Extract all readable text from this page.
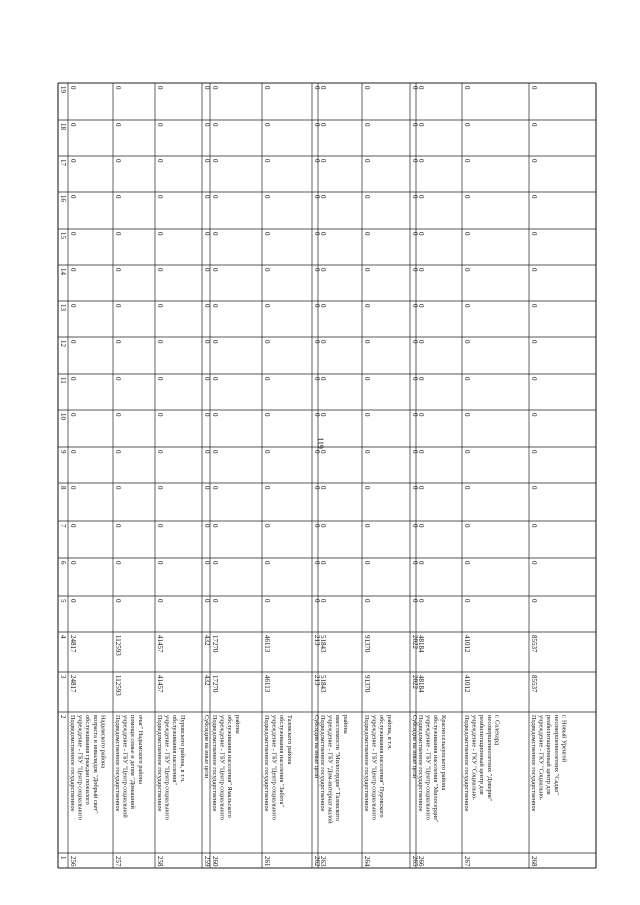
1
2
3
4
5
6
7
8
9
10
11
12
13
14
15
16
17
18
19
256
Подведомственное государственное учреждение - ГБУ "Центр социального обслуживания граждан пожилого возраста и инвалидов "Добрый свет" Надымского района
24817
24817
0
0
0
0
0
0
0
0
0
0
0
0
0
0
0
257
Подведомственное государственное учреждение - ГБУ "Центр социальной помощи семье и детям "Домашний очаг" Надымского района
112593
112593
0
0
0
0
0
0
0
0
0
0
0
0
0
0
0
258
Подведомственное государственное учреждение - ГБУ "Центр социального обслуживания населения" Пуровского района, в т.ч.
41457
41457
0
0
0
0
0
0
0
0
0
0
0
0
0
0
0
259
Субсидия на иные цели
432
432
0
0
0
0
0
0
0
0
0
0
0
0
0
0
0
260
Подведомственное государственное учреждение - ГБУ "Центр социального обслуживания населения" Ямальского района
17270
17270
0
0
0
0
0
0
0
0
0
0
0
0
0
0
0
261
Подведомственное государственное учреждение - ГБУ "Центр социального обслуживания населения "Забота" Тазовского района
46113
46113
0
0
0
0
0
0
0
0
0
0
0
0
0
0
0
262
Субсидия на иные цели
213
213
0
0
0
0
0
0
0
0
0
0
0
0
0
0
0
263
Подведомственное государственное учреждение - ГБУ "Дом-интернат малой вместимости "Милосердие" Тазовского района
51843
51843
0
0
0
0
0
0
0
0
0
0
0
0
0
0
0
264
Подведомственное государственное учреждение - ГБУ "Центр социального обслуживания населения" Пуровского района, в т.ч.
91370
91370
0
0
0
0
0
0
0
0
0
0
0
0
0
0
0
265
Субсидия на иные цели
2022
2022
0
0
0
0
0
0
0
0
0
0
0
0
0
0
0
266
Подведомственное государственное учреждение - ГБУ "Центр социального обслуживания населения "Милосердие" Красноселькупского района
48184
48184
0
0
0
0
0
0
0
0
0
0
0
0
0
0
0
267
Подведомственное государственное учреждение - ГКУ "Социально- реабилитационный центр для несовершеннолетних "Доверие" г. Салехард
41012
41012
0
0
0
0
0
0
0
0
0
0
0
0
0
0
0
268
Подведомственное государственное учреждение - ГКУ "Социально- реабилитационный центр для несовершеннолетних "Садко" г. Новый Уренгой
85537
85537
0
0
0
0
0
0
0
0
0
0
0
0
0
0
0
119
